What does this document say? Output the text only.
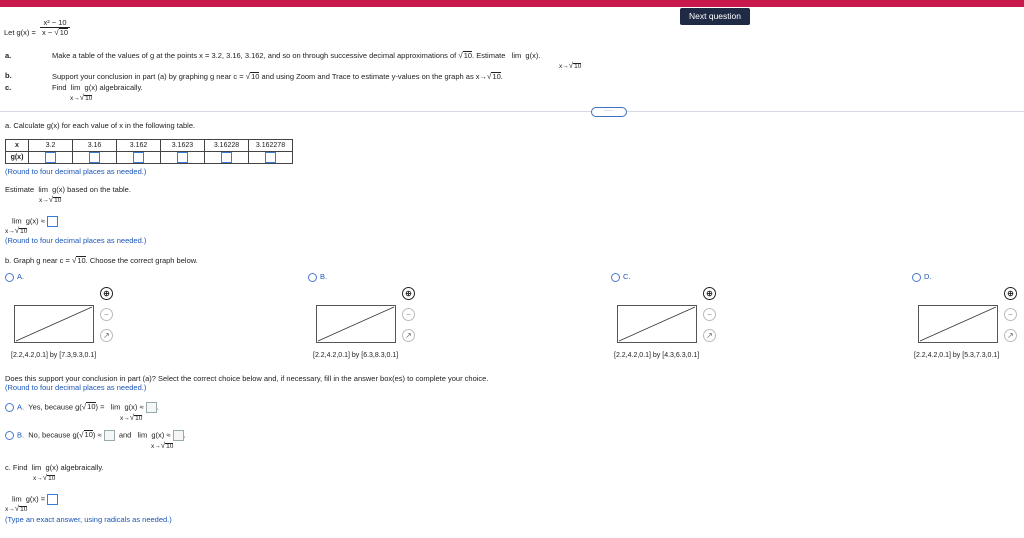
Next question
Let $g(x) = \frac{\text{x² − 10}}{x - √10}$
a.	Make a table of the values of g at the points x = 3.2, 3.16, 3.162, and so on through successive decimal approximations of √10. Estimate lim g(x).
x→√10
b.	Support your conclusion in part (a) by graphing g near c = √10 and using Zoom and Trace to estimate y-values on the graph as x→√10.
c.	Find lim g(x) algebraically.
x→√10
·····
a. Calculate g(x) for each value of x in the following table.
x	3.2	3.16	3.162	3.1623	3.16228	3.162278
g(x)						
(Round to four decimal places as needed.)
Estimate lim g(x) based on the table.
x→√10
lim g(x) ≈
x→√10
(Round to four decimal places as needed.)
b. Graph g near c = √10. Choose the correct graph below.
A.
⊕
−
↗
[2.2,4.2,0.1] by [7.3,9.3,0.1]
B.
⊕
−
↗
[2.2,4.2,0.1] by [6.3,8.3,0.1]
C.
⊕
−
↗
[2.2,4.2,0.1] by [4.3,6.3,0.1]
D.
⊕
−
↗
[2.2,4.2,0.1] by [5.3,7.3,0.1]
Does this support your conclusion in part (a)? Select the correct choice below and, if necessary, fill in the answer box(es) to complete your choice.
(Round to four decimal places as needed.)
A. Yes, because g(√10) = lim g(x) ≈ .
x→√10
B. No, because g(√10) ≈ and lim g(x) ≈ .
x→√10
c. Find lim g(x) algebraically.
x→√10
lim g(x) =
x→√10
(Type an exact answer, using radicals as needed.)
